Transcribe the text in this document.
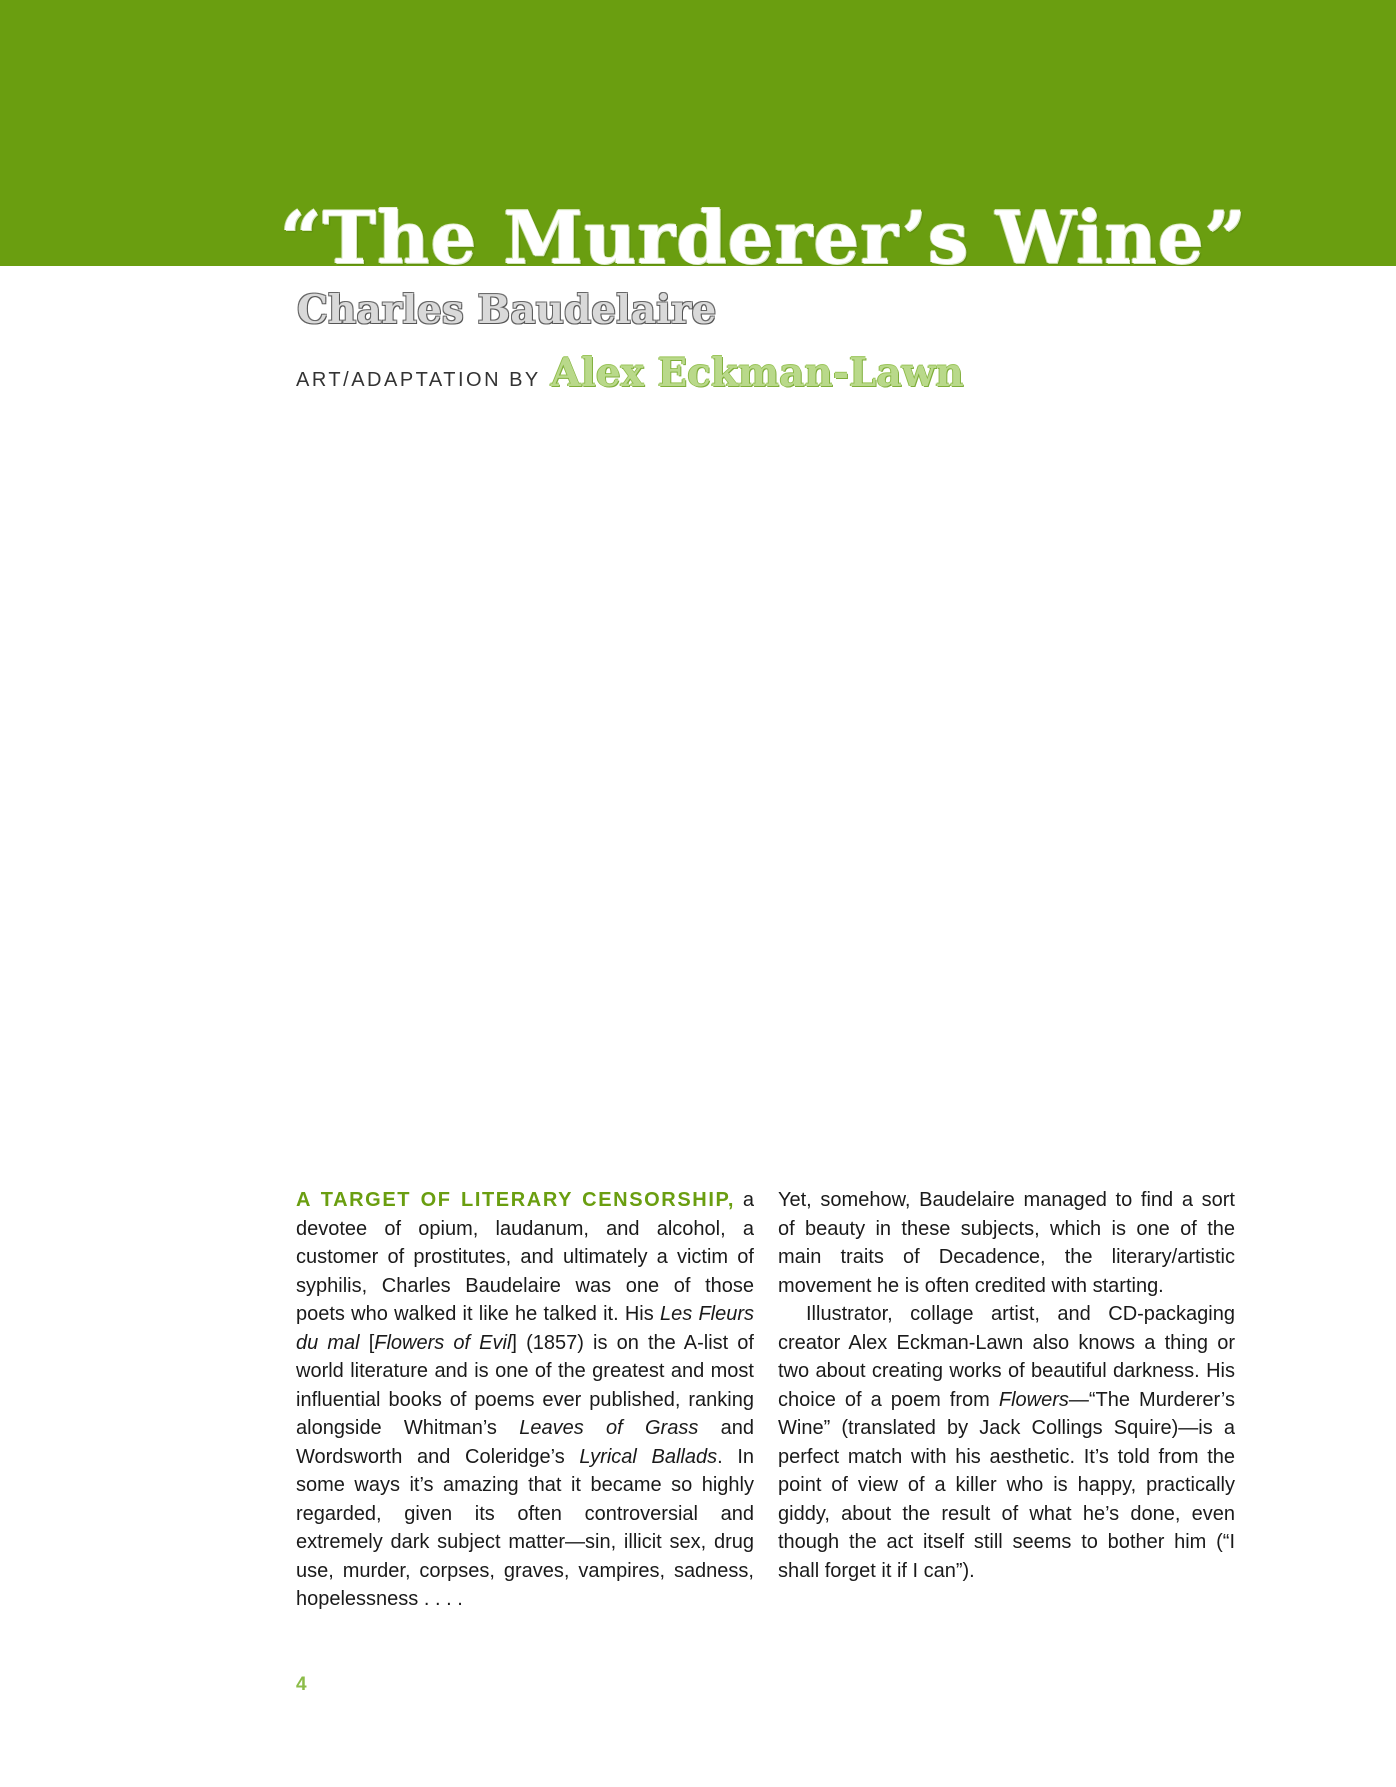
“The Murderer’s Wine”
Charles Baudelaire
ART/ADAPTATION BY Alex Eckman-Lawn

A TARGET OF LITERARY CENSORSHIP, a devotee of opium, laudanum, and alcohol, a customer of prostitutes, and ultimately a victim of syphilis, Charles Baudelaire was one of those poets who walked it like he talked it. His Les Fleurs du mal [Flowers of Evil] (1857) is on the A-list of world literature and is one of the greatest and most influential books of poems ever published, ranking alongside Whitman’s Leaves of Grass and Wordsworth and Coleridge’s Lyrical Ballads. In some ways it’s amazing that it became so highly regarded, given its often controversial and extremely dark subject matter—sin, illicit sex, drug use, murder, corpses, graves, vampires, sadness, hopelessness . . . .

Yet, somehow, Baudelaire managed to find a sort of beauty in these subjects, which is one of the main traits of Decadence, the literary/artistic movement he is often credited with starting.

Illustrator, collage artist, and CD-packaging creator Alex Eckman-Lawn also knows a thing or two about creating works of beautiful darkness. His choice of a poem from Flowers—“The Murderer’s Wine” (translated by Jack Collings Squire)—is a perfect match with his aesthetic. It’s told from the point of view of a killer who is happy, practically giddy, about the result of what he’s done, even though the act itself still seems to bother him (“I shall forget it if I can”).

4
